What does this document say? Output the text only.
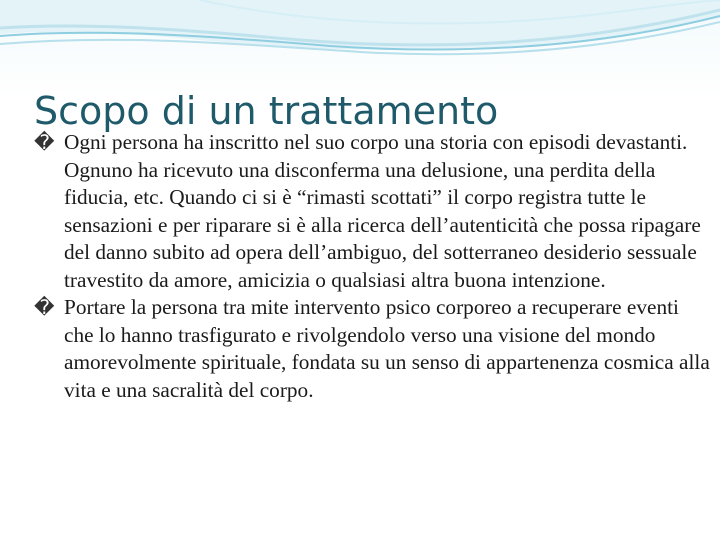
� Ogni persona ha inscritto nel suo corpo una storia con episodi devastanti. Ognuno ha ricevuto una disconferma una delusione, una perdita della fiducia, etc. Quando ci si è “rimasti scottati” il corpo registra tutte le sensazioni e per riparare si è alla ricerca dell’autenticità che possa ripagare del danno subito ad opera dell’ambiguo, del sotterraneo desiderio sessuale travestito da amore, amicizia o qualsiasi altra buona intenzione.

� Portare la persona tra mite intervento psico corporeo a recuperare eventi che lo hanno trasfigurato e rivolgendolo verso una visione del mondo amorevolmente spirituale, fondata su un senso di appartenenza cosmica alla vita e una sacralità del corpo.

Scopo di un trattamento
